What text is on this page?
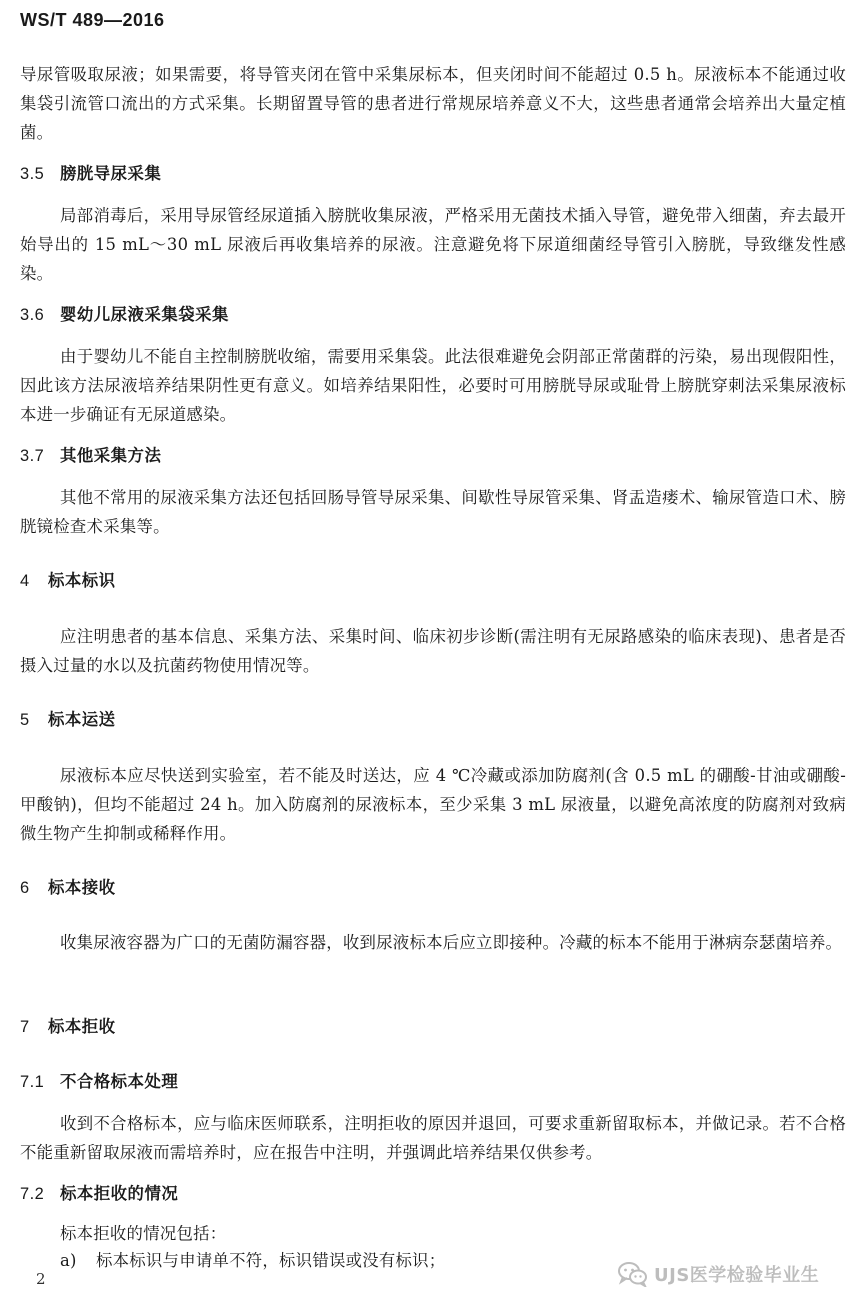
WS/T 489—2016

导尿管吸取尿液；如果需要，将导管夹闭在管中采集尿标本，但夹闭时间不能超过 0.5 h。尿液标本不能通过收集袋引流管口流出的方式采集。长期留置导管的患者进行常规尿培养意义不大，这些患者通常会培养出大量定植菌。

3.5 膀胱导尿采集

局部消毒后，采用导尿管经尿道插入膀胱收集尿液，严格采用无菌技术插入导管，避免带入细菌，弃去最开始导出的 15 mL～30 mL 尿液后再收集培养的尿液。注意避免将下尿道细菌经导管引入膀胱，导致继发性感染。

3.6 婴幼儿尿液采集袋采集

由于婴幼儿不能自主控制膀胱收缩，需要用采集袋。此法很难避免会阴部正常菌群的污染，易出现假阳性，因此该方法尿液培养结果阴性更有意义。如培养结果阳性，必要时可用膀胱导尿或耻骨上膀胱穿刺法采集尿液标本进一步确证有无尿道感染。

3.7 其他采集方法

其他不常用的尿液采集方法还包括回肠导管导尿采集、间歇性导尿管采集、肾盂造瘘术、输尿管造口术、膀胱镜检查术采集等。

4 标本标识

应注明患者的基本信息、采集方法、采集时间、临床初步诊断(需注明有无尿路感染的临床表现)、患者是否摄入过量的水以及抗菌药物使用情况等。

5 标本运送

尿液标本应尽快送到实验室，若不能及时送达，应 4 ℃冷藏或添加防腐剂(含 0.5 mL 的硼酸-甘油或硼酸-甲酸钠)，但均不能超过 24 h。加入防腐剂的尿液标本，至少采集 3 mL 尿液量，以避免高浓度的防腐剂对致病微生物产生抑制或稀释作用。

6 标本接收

收集尿液容器为广口的无菌防漏容器，收到尿液标本后应立即接种。冷藏的标本不能用于淋病奈瑟菌培养。

7 标本拒收
7.1 不合格标本处理

收到不合格标本，应与临床医师联系，注明拒收的原因并退回，可要求重新留取标本，并做记录。若不合格不能重新留取尿液而需培养时，应在报告中注明，并强调此培养结果仅供参考。

7.2 标本拒收的情况

标本拒收的情况包括：

a) 标本标识与申请单不符，标识错误或没有标识；

2	UJS医学检验毕业生
